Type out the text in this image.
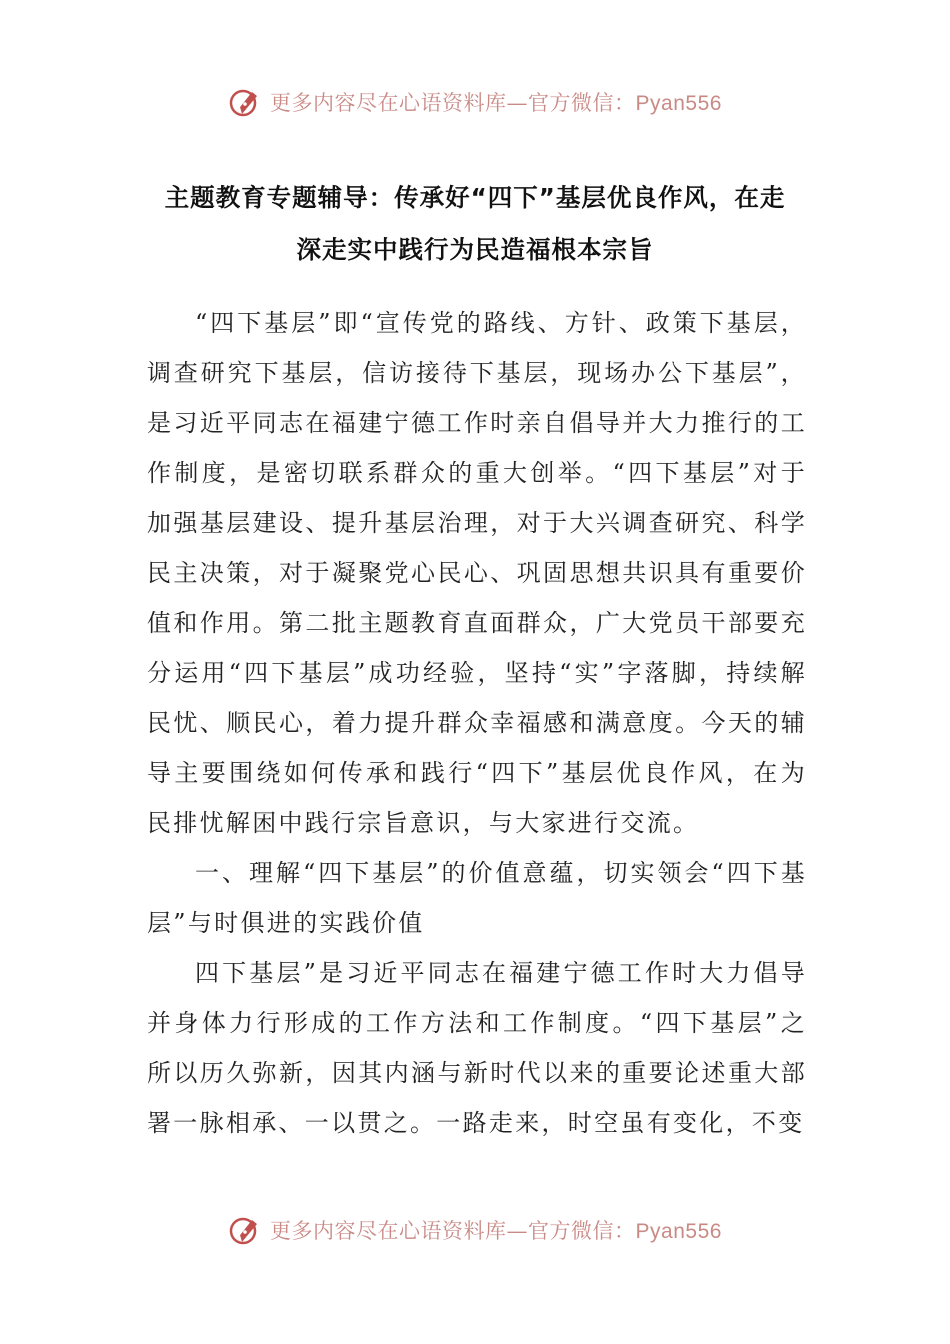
更多内容尽在心语资料库—官方微信：Pyan556
主题教育专题辅导：传承好“四下”基层优良作风，在走
深走实中践行为民造福根本宗旨

“四下基层”即“宣传党的路线、方针、政策下基层，调查研究下基层，信访接待下基层，现场办公下基层”，是习近平同志在福建宁德工作时亲自倡导并大力推行的工作制度，是密切联系群众的重大创举。“四下基层”对于加强基层建设、提升基层治理，对于大兴调查研究、科学民主决策，对于凝聚党心民心、巩固思想共识具有重要价值和作用。第二批主题教育直面群众，广大党员干部要充分运用“四下基层”成功经验，坚持“实”字落脚，持续解民忧、顺民心，着力提升群众幸福感和满意度。今天的辅导主要围绕如何传承和践行“四下”基层优良作风，在为民排忧解困中践行宗旨意识，与大家进行交流。

一、理解“四下基层”的价值意蕴，切实领会“四下基层”与时俱进的实践价值

四下基层”是习近平同志在福建宁德工作时大力倡导并身体力行形成的工作方法和工作制度。“四下基层”之所以历久弥新，因其内涵与新时代以来的重要论述重大部署一脉相承、一以贯之。一路走来，时空虽有变化，不变

更多内容尽在心语资料库—官方微信：Pyan556
